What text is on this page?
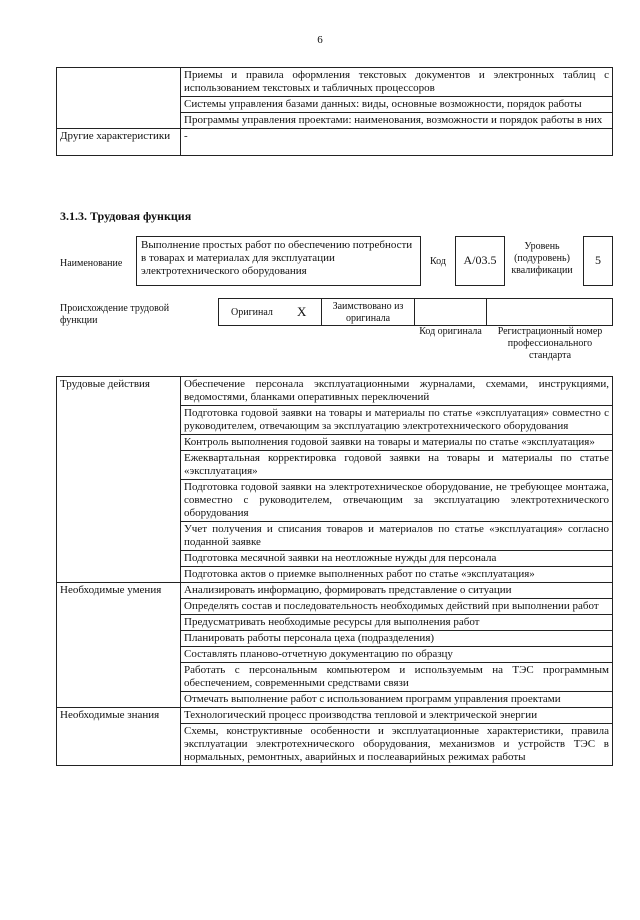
6
	Приемы и правила оформления текстовых документов и электронных таблиц с использованием текстовых и табличных процессоров
	Системы управления базами данных: виды, основные возможности, порядок работы
	Программы управления проектами: наименования, возможности и порядок работы в них
Другие характеристики	-
3.1.3. Трудовая функция
Наименование
Выполнение простых работ по обеспечению потребности в товарах и материалах для эксплуатации электротехнического оборудования
Код	A/03.5
Уровень (подуровень) квалификации
5
Происхождение трудовой функции
Оригинал X	Заимствовано из оригинала
Код оригинала	Регистрационный номер профессионального стандарта
Трудовые действия	Обеспечение персонала эксплуатационными журналами, схемами, инструкциями, ведомостями, бланками оперативных переключений
	Подготовка годовой заявки на товары и материалы по статье «эксплуатация» совместно с руководителем, отвечающим за эксплуатацию электротехнического оборудования
	Контроль выполнения годовой заявки на товары и материалы по статье «эксплуатация»
	Ежеквартальная корректировка годовой заявки на товары и материалы по статье «эксплуатация»
	Подготовка годовой заявки на электротехническое оборудование, не требующее монтажа, совместно с руководителем, отвечающим за эксплуатацию электротехнического оборудования
	Учет получения и списания товаров и материалов по статье «эксплуатация» согласно поданной заявке
	Подготовка месячной заявки на неотложные нужды для персонала
	Подготовка актов о приемке выполненных работ по статье «эксплуатация»
Необходимые умения	Анализировать информацию, формировать представление о ситуации
	Определять состав и последовательность необходимых действий при выполнении работ
	Предусматривать необходимые ресурсы для выполнения работ
	Планировать работы персонала цеха (подразделения)
	Составлять планово-отчетную документацию по образцу
	Работать с персональным компьютером и используемым на ТЭС программным обеспечением, современными средствами связи
	Отмечать выполнение работ с использованием программ управления проектами
Необходимые знания	Технологический процесс производства тепловой и электрической энергии
	Схемы, конструктивные особенности и эксплуатационные характеристики, правила эксплуатации электротехнического оборудования, механизмов и устройств ТЭС в нормальных, ремонтных, аварийных и послеаварийных режимах работы
